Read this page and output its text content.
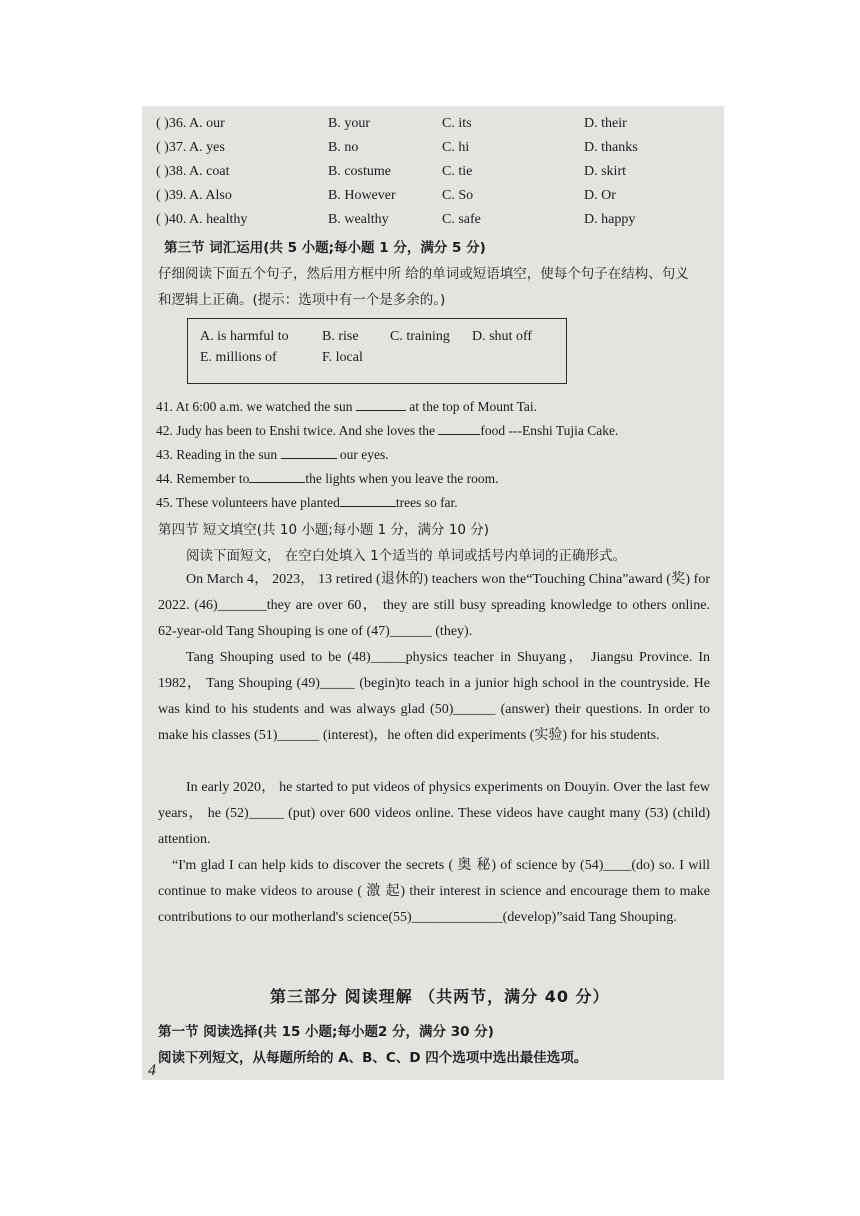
( )36. A. our	B. your	C. its	D. their
( )37. A. yes	B. no	C. hi	D. thanks
( )38. A. coat	B. costume	C. tie	D. skirt
( )39. A. Also	B. However	C. So	D. Or
( )40. A. healthy	B. wealthy	C. safe	D. happy
第三节 词汇运用(共 5 小题;每小题 1 分，满分 5 分)
仔细阅读下面五个句子，然后用方框中所 给的单词或短语填空，使每个句子在结构、句义
和逻辑上正确。(提示：选项中有一个是多余的。)
A. is harmful to B. rise C. training D. shut off
E. millions of	F. local
41. At 6:00 a.m. we watched the sun	at the top of Mount Tai.
42. Judy has been to Enshi twice. And she loves the	food ---Enshi Tujia Cake.
43. Reading in the sun	our eyes.
44. Remember to	the lights when you leave the room.
45. These volunteers have planted	trees so far.
第四节 短文填空(共 10 小题;每小题 1 分，满分 10 分)
阅读下面短文， 在空白处填入 1个适当的 单词或括号内单词的正确形式。

On March 4， 2023， 13 retired (退休的) teachers won the“Touching China”award (奖) for 2022. (46)_______they are over 60， they are still busy spreading knowledge to others online. 62-year-old Tang Shouping is one of (47)______ (they).

Tang Shouping used to be (48)_____physics teacher in Shuyang， Jiangsu Province. In 1982， Tang Shouping (49)_____ (begin)to teach in a junior high school in the countryside. He was kind to his students and was always glad (50)______ (answer) their questions. In order to make his classes (51)______ (interest)，he often did experiments (实验) for his students.

In early 2020， he started to put videos of physics experiments on Douyin. Over the last few years， he (52)_____ (put) over 600 videos online. These videos have caught many (53) (child) attention.

“I'm glad I can help kids to discover the secrets ( 奥 秘) of science by (54)____(do) so. I will continue to make videos to arouse ( 激 起) their interest in science and encourage them to make contributions to our motherland's science(55)_____________(develop)”said Tang Shouping.

第三部分 阅读理解 （共两节，满分 40 分）
第一节 阅读选择(共 15 小题;每小题2 分，满分 30 分)
阅读下列短文，从每题所给的 A、B、C、D 四个选项中选出最佳选项。
4
